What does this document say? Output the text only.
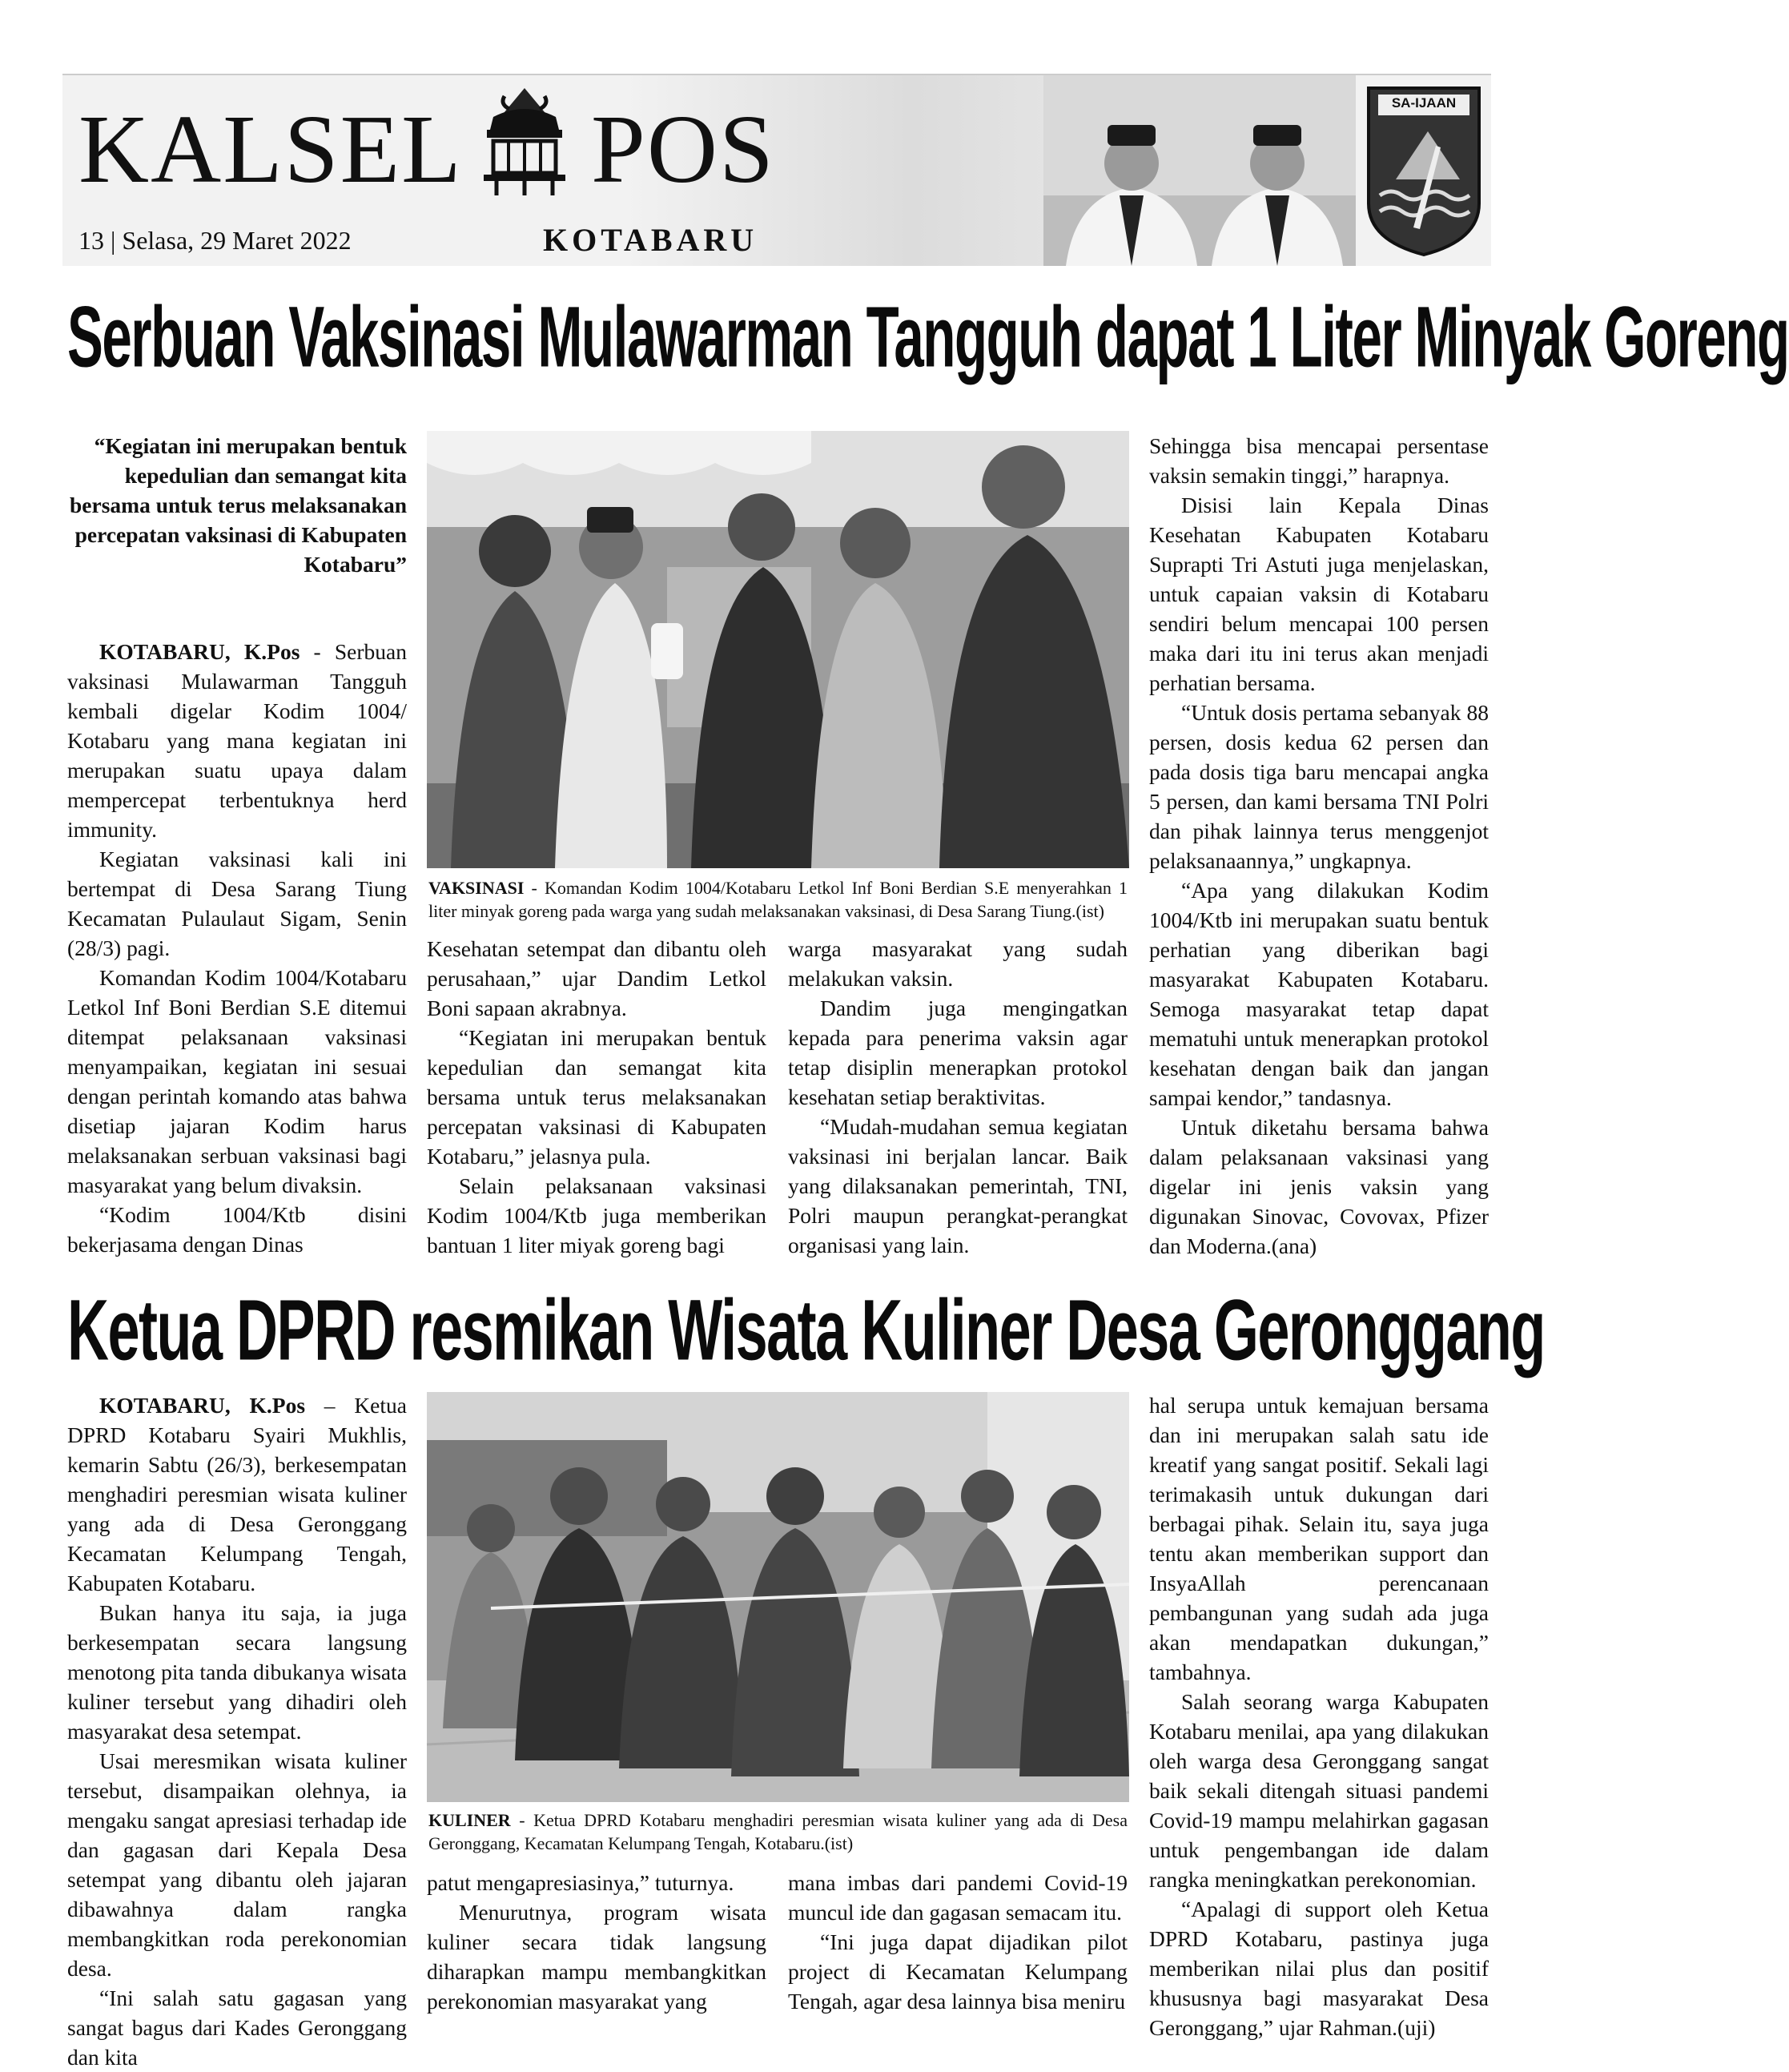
KALSEL POS
13 | Selasa, 29 Maret 2022	KOTABARU
SA-IJAAN
Serbuan Vaksinasi Mulawarman Tangguh dapat 1 Liter Minyak Goreng
“Kegiatan ini merupakan bentuk kepedulian dan semangat kita bersama untuk terus melaksanakan percepatan vaksinasi di Kabupaten Kotabaru”

KOTABARU, K.Pos - Serbuan vaksinasi Mulawarman Tangguh kembali digelar Kodim 1004/ Kotabaru yang mana kegiatan ini merupakan suatu upaya dalam mempercepat terbentuknya herd immunity.

Kegiatan vaksinasi kali ini bertempat di Desa Sarang Tiung Kecamatan Pulaulaut Sigam, Senin (28/3) pagi.

Komandan Kodim 1004/Kotabaru Letkol Inf Boni Berdian S.E ditemui ditempat pelaksanaan vaksinasi menyampaikan, kegiatan ini sesuai dengan perintah komando atas bahwa disetiap jajaran Kodim harus melaksanakan serbuan vaksinasi bagi masyarakat yang belum divaksin.

“Kodim 1004/Ktb disini bekerjasama dengan Dinas

VAKSINASI - Komandan Kodim 1004/Kotabaru Letkol Inf Boni Berdian S.E menyerahkan 1 liter minyak goreng pada warga yang sudah melaksanakan vaksinasi, di Desa Sarang Tiung.(ist)

Kesehatan setempat dan dibantu oleh perusahaan,” ujar Dandim Letkol Boni sapaan akrabnya.

“Kegiatan ini merupakan bentuk kepedulian dan semangat kita bersama untuk terus melaksanakan percepatan vaksinasi di Kabupaten Kotabaru,” jelasnya pula.

Selain pelaksanaan vaksinasi Kodim 1004/Ktb juga memberikan bantuan 1 liter miyak goreng bagi

warga masyarakat yang sudah melakukan vaksin.

Dandim juga mengingatkan kepada para penerima vaksin agar tetap disiplin menerapkan protokol kesehatan setiap beraktivitas.

“Mudah-mudahan semua kegiatan vaksinasi ini berjalan lancar. Baik yang dilaksanakan pemerintah, TNI, Polri maupun perangkat-perangkat organisasi yang lain.

Sehingga bisa mencapai persentase vaksin semakin tinggi,” harapnya.

Disisi lain Kepala Dinas Kesehatan Kabupaten Kotabaru Suprapti Tri Astuti juga menjelaskan, untuk capaian vaksin di Kotabaru sendiri belum mencapai 100 persen maka dari itu ini terus akan menjadi perhatian bersama.

“Untuk dosis pertama sebanyak 88 persen, dosis kedua 62 persen dan pada dosis tiga baru mencapai angka 5 persen, dan kami bersama TNI Polri dan pihak lainnya terus menggenjot pelaksanaannya,” ungkapnya.

“Apa yang dilakukan Kodim 1004/Ktb ini merupakan suatu bentuk perhatian yang diberikan bagi masyarakat Kabupaten Kotabaru. Semoga masyarakat tetap dapat mematuhi untuk menerapkan protokol kesehatan dengan baik dan jangan sampai kendor,” tandasnya.

Untuk diketahu bersama bahwa dalam pelaksanaan vaksinasi yang digelar ini jenis vaksin yang digunakan Sinovac, Covovax, Pfizer dan Moderna.(ana)

Ketua DPRD resmikan Wisata Kuliner Desa Geronggang

KOTABARU, K.Pos – Ketua DPRD Kotabaru Syairi Mukhlis, kemarin Sabtu (26/3), berkesempatan menghadiri peresmian wisata kuliner yang ada di Desa Geronggang Kecamatan Kelumpang Tengah, Kabupaten Kotabaru.

Bukan hanya itu saja, ia juga berkesempatan secara langsung menotong pita tanda dibukanya wisata kuliner tersebut yang dihadiri oleh masyarakat desa setempat.

Usai meresmikan wisata kuliner tersebut, disampaikan olehnya, ia mengaku sangat apresiasi terhadap ide dan gagasan dari Kepala Desa setempat yang dibantu oleh jajaran dibawahnya dalam rangka membangkitkan roda perekonomian desa.

“Ini salah satu gagasan yang sangat bagus dari Kades Geronggang dan kita

KULINER - Ketua DPRD Kotabaru menghadiri peresmian wisata kuliner yang ada di Desa Geronggang, Kecamatan Kelumpang Tengah, Kotabaru.(ist)

patut mengapresiasinya,” tuturnya.

Menurutnya, program wisata kuliner secara tidak langsung diharapkan mampu membangkitkan perekonomian masyarakat yang

mana imbas dari pandemi Covid-19 muncul ide dan gagasan semacam itu.

“Ini juga dapat dijadikan pilot project di Kecamatan Kelumpang Tengah, agar desa lainnya bisa meniru

hal serupa untuk kemajuan bersama dan ini merupakan salah satu ide kreatif yang sangat positif. Sekali lagi terimakasih untuk dukungan dari berbagai pihak. Selain itu, saya juga tentu akan memberikan support dan InsyaAllah perencanaan pembangunan yang sudah ada juga akan mendapatkan dukungan,” tambahnya.

Salah seorang warga Kabupaten Kotabaru menilai, apa yang dilakukan oleh warga desa Geronggang sangat baik sekali ditengah situasi pandemi Covid-19 mampu melahirkan gagasan untuk pengembangan ide dalam rangka meningkatkan perekonomian.

“Apalagi di support oleh Ketua DPRD Kotabaru, pastinya juga memberikan nilai plus dan positif khususnya bagi masyarakat Desa Geronggang,” ujar Rahman.(uji)
